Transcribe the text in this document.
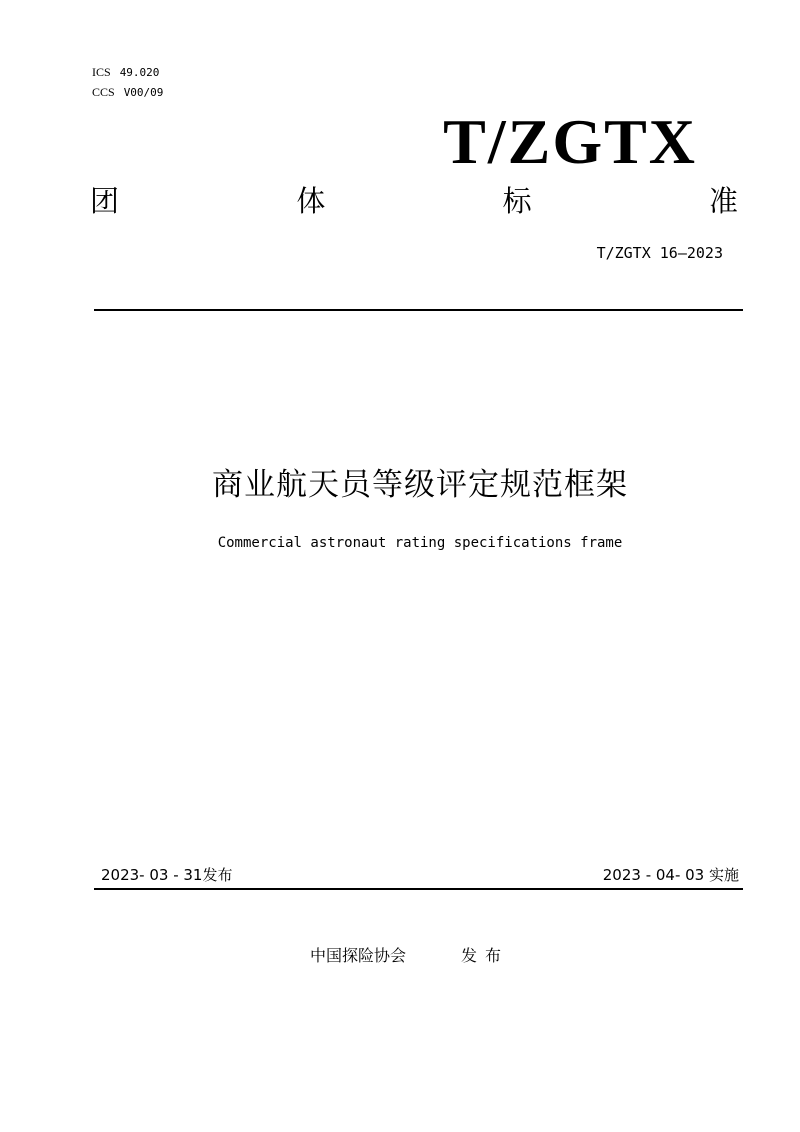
ICS 49.020
CCS V00/09
T/ZGTX
团	体	标	准
T/ZGTX 16—2023
商业航天员等级评定规范框架
Commercial astronaut rating specifications frame
2023- 03 - 31发布	2023 - 04- 03 实施
中国探险协会	发布
